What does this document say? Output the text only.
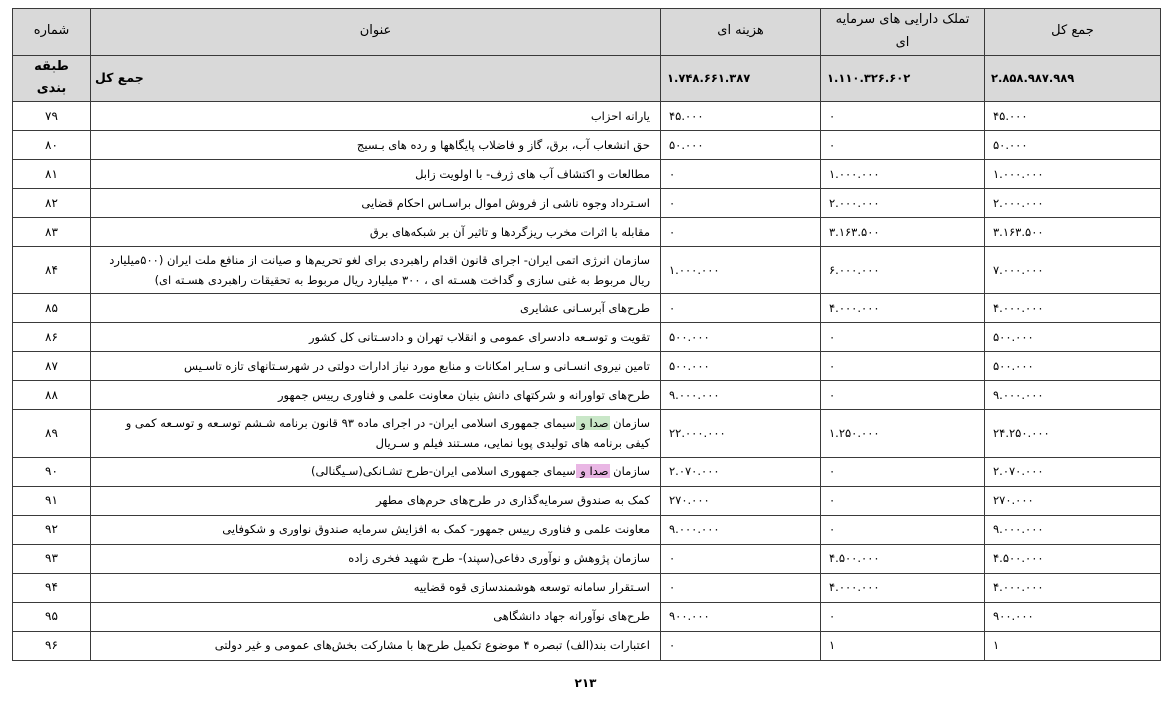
جمع کل	تملک دارایی های سرمایه ای	هزینه ای	عنوان	شماره
۲.۸۵۸.۹۸۷.۹۸۹	۱.۱۱۰.۳۲۶.۶۰۲	۱.۷۴۸.۶۶۱.۳۸۷	جمع کل	طبقه بندی
۴۵.۰۰۰	۰	۴۵.۰۰۰	یارانه احزاب	۷۹
۵۰.۰۰۰	۰	۵۰.۰۰۰	حق انشعاب آب، برق، گاز و فاضلاب پایگاهها و رده های بـسیج	۸۰
۱.۰۰۰.۰۰۰	۱.۰۰۰.۰۰۰	۰	مطالعات و اکتشاف آب های ژرف- با اولویت زابل	۸۱
۲.۰۰۰.۰۰۰	۲.۰۰۰.۰۰۰	۰	اسـترداد وجوه ناشی از فروش اموال براسـاس احکام قضایی	۸۲
۳.۱۶۳.۵۰۰	۳.۱۶۳.۵۰۰	۰	مقابله با اثرات مخرب ریزگردها و تاثیر آن بر شبکه‌های برق	۸۳
۷.۰۰۰.۰۰۰	۶.۰۰۰.۰۰۰	۱.۰۰۰.۰۰۰	سازمان انرژی اتمی ایران- اجرای قانون اقدام راهبردی برای لغو تحریم‌ها و صیانت از منافع ملت ایران (۵۰۰میلیارد ریال مربوط به غنی سازی و گداخت هسـته ای ، ۳۰۰ میلیارد ریال مربوط به تحقیقات راهبردی هسـته ای)	۸۴
۴.۰۰۰.۰۰۰	۴.۰۰۰.۰۰۰	۰	طرح‌های آبرسـانی عشایری	۸۵
۵۰۰.۰۰۰	۰	۵۰۰.۰۰۰	تقویت و توسـعه دادسرای عمومی و انقلاب تهران و دادسـتانی کل کشور	۸۶
۵۰۰.۰۰۰	۰	۵۰۰.۰۰۰	تامین نیروی انسـانی و سـایر امکانات و منابع مورد نیاز ادارات دولتی در شهرسـتانهای تازه تاسـیس	۸۷
۹.۰۰۰.۰۰۰	۰	۹.۰۰۰.۰۰۰	طرح‌های تواورانه و شرکتهای دانش بنیان معاونت علمی و فناوری رییس جمهور	۸۸
۲۴.۲۵۰.۰۰۰	۱.۲۵۰.۰۰۰	۲۲.۰۰۰.۰۰۰	سازمان صدا و سیمای جمهوری اسلامی ایران- در اجرای ماده ۹۳ قانون برنامه شـشم توسـعه و توسـعه کمی و کیفی برنامه های تولیدی پویا نمایی، مسـتند فیلم و سـریال	۸۹
۲.۰۷۰.۰۰۰	۰	۲.۰۷۰.۰۰۰	سازمان صدا و سیمای جمهوری اسلامی ایران-طرح تشـانکی(سـیگنالی)	۹۰
۲۷۰.۰۰۰	۰	۲۷۰.۰۰۰	کمک به صندوق سرمایه‌گذاری در طرح‌های حرم‌های مطهر	۹۱
۹.۰۰۰.۰۰۰	۰	۹.۰۰۰.۰۰۰	معاونت علمی و فناوری رییس جمهور- کمک به افزایش سرمایه صندوق نواوری و شکوفایی	۹۲
۴.۵۰۰.۰۰۰	۴.۵۰۰.۰۰۰	۰	سازمان پژوهش و نوآوری دفاعی(سپند)- طرح شهید فخری زاده	۹۳
۴.۰۰۰.۰۰۰	۴.۰۰۰.۰۰۰	۰	اسـتقرار سامانه توسعه هوشمندسازی قوه قضاییه	۹۴
۹۰۰.۰۰۰	۰	۹۰۰.۰۰۰	طرح‌های نوآورانه جهاد دانشگاهی	۹۵
۱	۱	۰	اعتبارات بند(الف) تبصره ۴ موضوع تکمیل طرح‌ها با مشارکت بخش‌های عمومی و غیر دولتی	۹۶
۲۱۳
